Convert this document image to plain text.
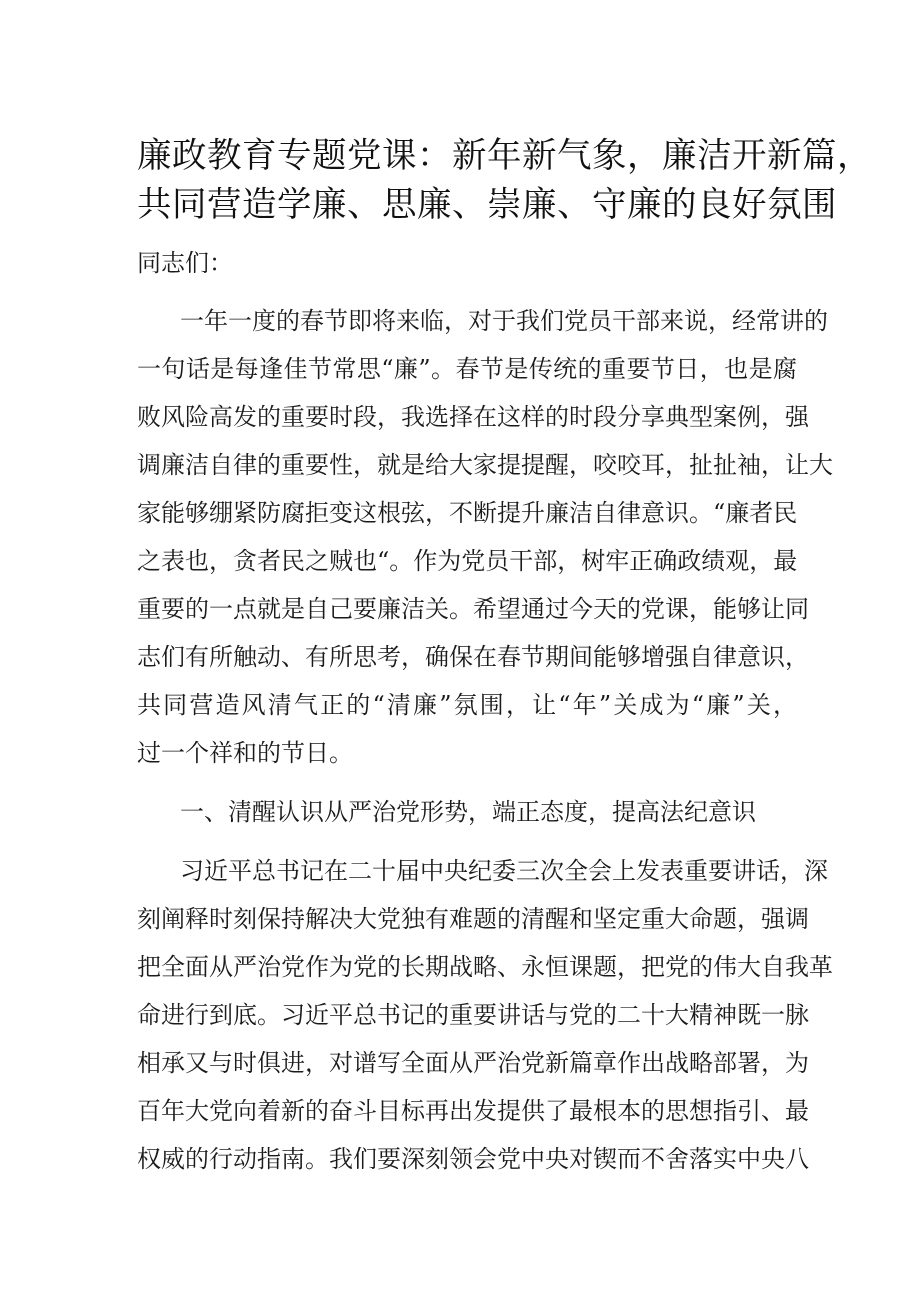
廉政教育专题党课：新年新气象，廉洁开新篇，
共同营造学廉、思廉、崇廉、守廉的良好氛围
同志们：
一年一度的春节即将来临，对于我们党员干部来说，经常讲的
一句话是每逢佳节常思“廉”。春节是传统的重要节日，也是腐
败风险高发的重要时段，我选择在这样的时段分享典型案例，强
调廉洁自律的重要性，就是给大家提提醒，咬咬耳，扯扯袖，让大
家能够绷紧防腐拒变这根弦，不断提升廉洁自律意识。“廉者民
之表也，贪者民之贼也“。作为党员干部，树牢正确政绩观，最
重要的一点就是自己要廉洁关。希望通过今天的党课，能够让同
志们有所触动、有所思考，确保在春节期间能够增强自律意识，
共同营造风清气正的“清廉”氛围，让“年”关成为“廉”关，
过一个祥和的节日。
一、清醒认识从严治党形势，端正态度，提高法纪意识
习近平总书记在二十届中央纪委三次全会上发表重要讲话，深
刻阐释时刻保持解决大党独有难题的清醒和坚定重大命题，强调
把全面从严治党作为党的长期战略、永恒课题，把党的伟大自我革
命进行到底。习近平总书记的重要讲话与党的二十大精神既一脉
相承又与时俱进，对谱写全面从严治党新篇章作出战略部署，为
百年大党向着新的奋斗目标再出发提供了最根本的思想指引、最
权威的行动指南。我们要深刻领会党中央对锲而不舍落实中央八
